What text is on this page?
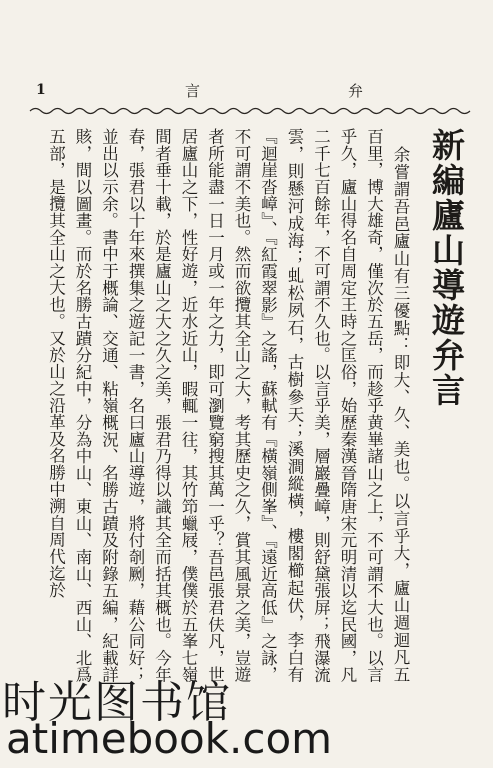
1	言	弁
新編廬山導遊弁言

余嘗謂吾邑廬山有三優點：即大、久、美也。以言乎大，廬山週迴凡五百里，博大雄奇，僅次於五岳，而趁乎黄崋諸山之上，不可謂不大也。以言乎久，廬山得名自周定王時之匡俗，始歷秦漢晉隋唐宋元明清以迄民國，凡二千七百餘年，不可謂不久也。以言乎美，層巖疊嶂，則舒黛張屏；飛瀑流雲，則懸河成海；虬松夙石，古樹參天；溪澗縱橫，樓閣櫛起伏，李白有『迴崖沓嶂』、『紅霞翠影』之謠，蘇軾有『橫嶺側峯』、『遠近高低』之詠，不可謂不美也。然而欲攬其全山之大，考其歷史之久，賞其風景之美，豈遊者所能盡一日一月或一年之力，即可瀏覽窮搜其萬一乎？吾邑張君伕凡，世居廬山之下，性好遊，近水近山，暇輒一往，其竹笻蠟屐，僕僕於五峯七嶺間者垂十載，於是廬山之大之久之美，張君乃得以識其全而括其概也。今年春，張君以十年來撰集之遊記一書，名曰廬山導遊，將付剞劂，藉公同好；並出以示余。書中于概論、交通、粘嶺概況、名勝古蹟及附錄五編，紀載詳賅，間以圖畫。而於名勝古蹟分紀中，分為中山、東山、南山、西山、北爲五部，是攬其全山之大也。又於山之沿革及名勝中溯自周代迄於

时光图书馆
atimebook.com
